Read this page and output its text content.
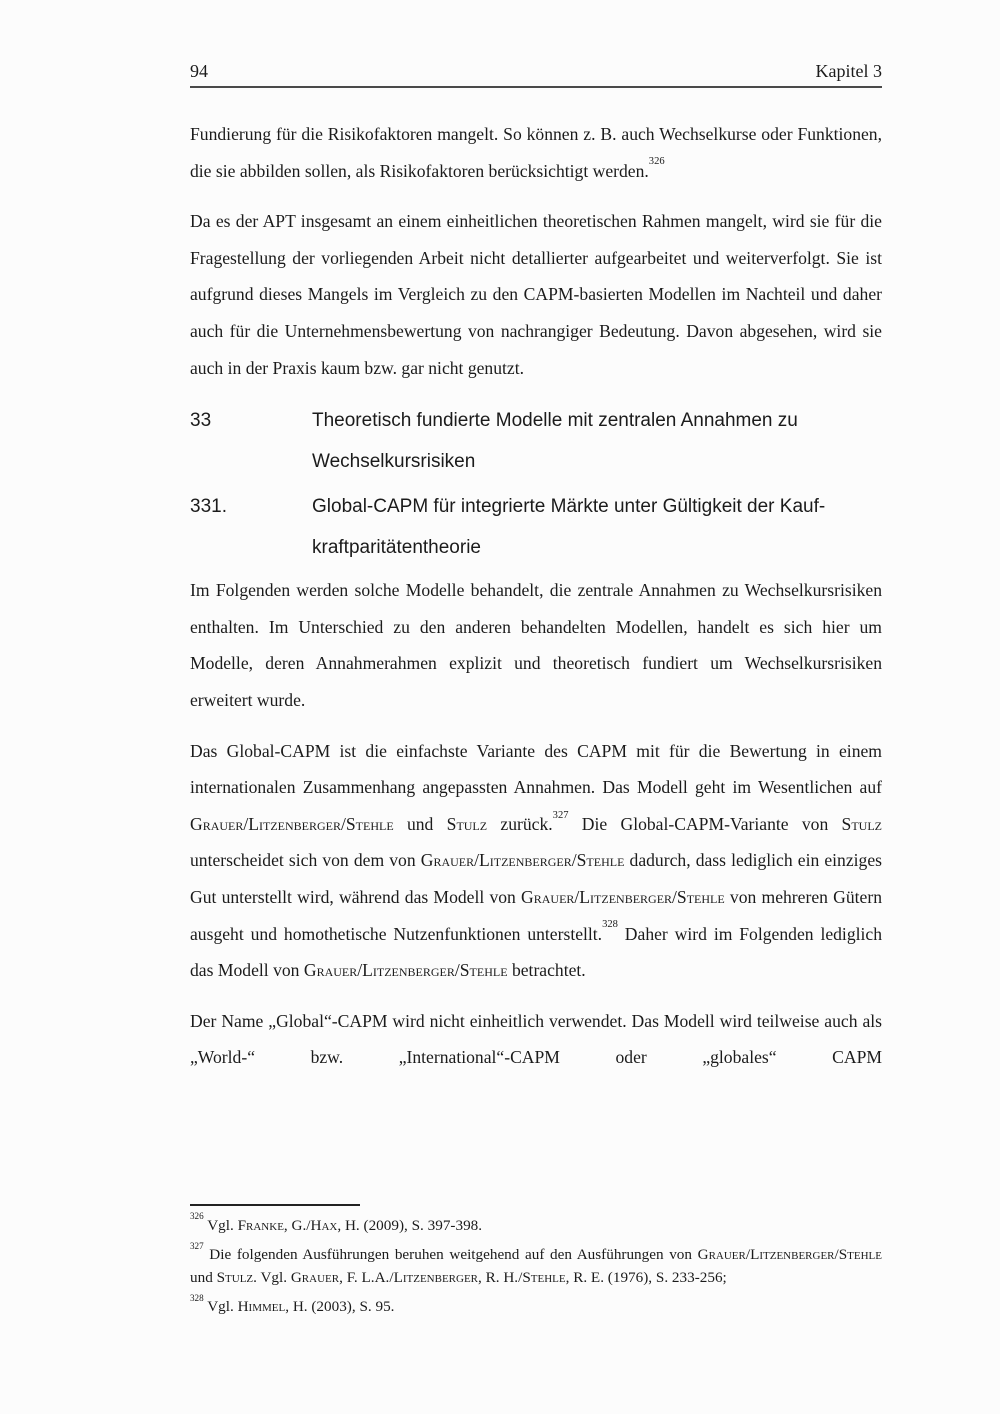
94	Kapitel 3

Fundierung für die Risikofaktoren mangelt. So können z. B. auch Wechselkurse oder Funktionen, die sie abbilden sollen, als Risikofaktoren berücksichtigt werden.$^{326}$

Da es der APT insgesamt an einem einheitlichen theoretischen Rahmen mangelt, wird sie für die Fragestellung der vorliegenden Arbeit nicht detallierter aufgearbeitet und weiterverfolgt. Sie ist aufgrund dieses Mangels im Vergleich zu den CAPM-basierten Modellen im Nachteil und daher auch für die Unternehmensbewertung von nachrangiger Bedeutung. Davon abgesehen, wird sie auch in der Praxis kaum bzw. gar nicht genutzt.

33	Theoretisch fundierte Modelle mit zentralen Annahmen zu
Wechselkursrisiken
331.	Global-CAPM für integrierte Märkte unter Gültigkeit der Kauf-
kraftparitätentheorie

Im Folgenden werden solche Modelle behandelt, die zentrale Annahmen zu Wechselkursrisiken enthalten. Im Unterschied zu den anderen behandelten Modellen, handelt es sich hier um Modelle, deren Annahmerahmen explizit und theoretisch fundiert um Wechselkursrisiken erweitert wurde.

Das Global-CAPM ist die einfachste Variante des CAPM mit für die Bewertung in einem internationalen Zusammenhang angepassten Annahmen. Das Modell geht im Wesentlichen auf Grauer/Litzenberger/Stehle und Stulz zurück.$^{327}$ Die Global-CAPM-Variante von Stulz unterscheidet sich von dem von Grauer/Litzenberger/Stehle dadurch, dass lediglich ein einziges Gut unterstellt wird, während das Modell von Grauer/Litzenberger/Stehle von mehreren Gütern ausgeht und homothetische Nutzenfunktionen unterstellt.$^{328}$ Daher wird im Folgenden lediglich das Modell von Grauer/Litzenberger/Stehle betrachtet.

Der Name „Global“-CAPM wird nicht einheitlich verwendet. Das Modell wird teilweise auch als „World-“ bzw. „International“-CAPM oder „globales“ CAPM

$^{326}$ Vgl. Franke, G./Hax, H. (2009), S. 397-398.

$^{327}$ Die folgenden Ausführungen beruhen weitgehend auf den Ausführungen von Grauer/Litzenberger/Stehle und Stulz. Vgl. Grauer, F. L.A./Litzenberger, R. H./Stehle, R. E. (1976), S. 233-256;

$^{328}$ Vgl. Himmel, H. (2003), S. 95.
